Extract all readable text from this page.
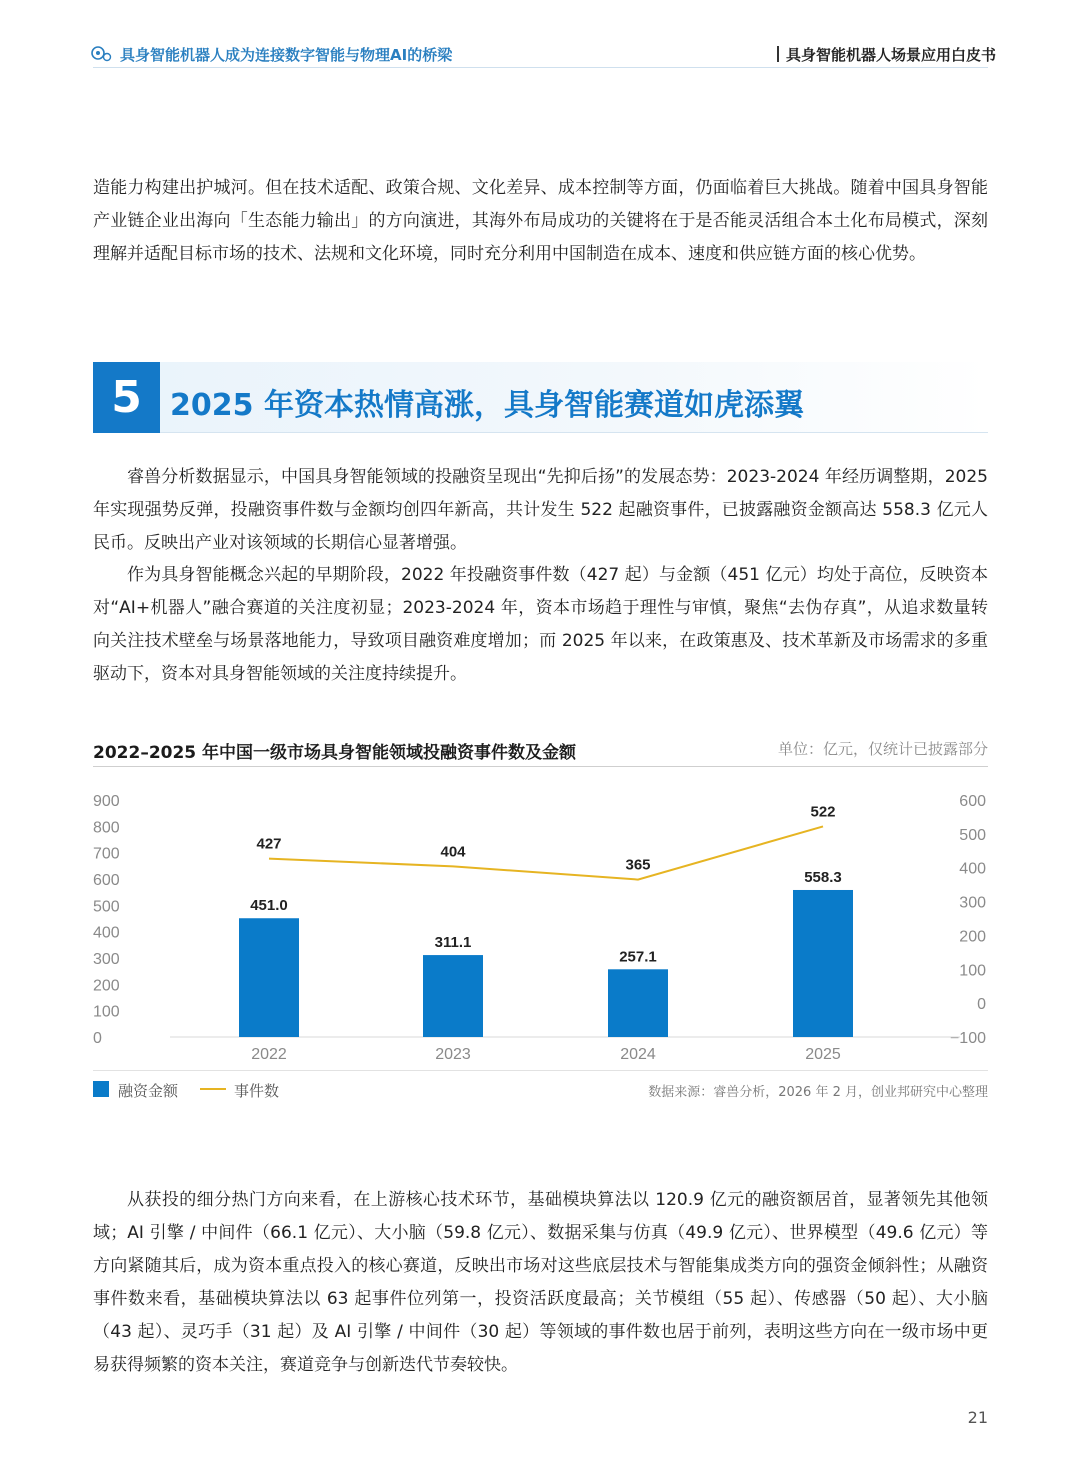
具身智能机器人成为连接数字智能与物理AI的桥梁	具身智能机器人场景应用白皮书
造能力构建出护城河。但在技术适配、政策合规、文化差异、成本控制等方面，仍面临着巨大挑战。随着中国具身智能产业链企业出海向「生态能力输出」的方向演进，其海外布局成功的关键将在于是否能灵活组合本土化布局模式，深刻理解并适配目标市场的技术、法规和文化环境，同时充分利用中国制造在成本、速度和供应链方面的核心优势。
5 2025 年资本热情高涨，具身智能赛道如虎添翼
睿兽分析数据显示，中国具身智能领域的投融资呈现出“先抑后扬”的发展态势：2023-2024 年经历调整期，2025 年实现强势反弹，投融资事件数与金额均创四年新高，共计发生 522 起融资事件，已披露融资金额高达 558.3 亿元人民币。反映出产业对该领域的长期信心显著增强。
作为具身智能概念兴起的早期阶段，2022 年投融资事件数（427 起）与金额（451 亿元）均处于高位，反映资本对“AI+机器人”融合赛道的关注度初显；2023-2024 年，资本市场趋于理性与审慎，聚焦“去伪存真”，从追求数量转向关注技术壁垒与场景落地能力，导致项目融资难度增加；而 2025 年以来，在政策惠及、技术革新及市场需求的多重驱动下，资本对具身智能领域的关注度持续提升。
2022–2025 年中国一级市场具身智能领域投融资事件数及金额	单位：亿元，仅统计已披露部分
900
800
700
600
500
400
300
200
100
0
600
500
400
300
200
100
0
−100
451.0
311.1
257.1
558.3
427	404
365
522
2022	2023	2024	2025
融资金额	事件数	数据来源：睿兽分析，2026 年 2 月，创业邦研究中心整理
从获投的细分热门方向来看，在上游核心技术环节，基础模块算法以 120.9 亿元的融资额居首，显著领先其他领域；AI 引擎 / 中间件（66.1 亿元）、大小脑（59.8 亿元）、数据采集与仿真（49.9 亿元）、世界模型（49.6 亿元）等方向紧随其后，成为资本重点投入的核心赛道，反映出市场对这些底层技术与智能集成类方向的强资金倾斜性；从融资事件数来看，基础模块算法以 63 起事件位列第一，投资活跃度最高；关节模组（55 起）、传感器（50 起）、大小脑（43 起）、灵巧手（31 起）及 AI 引擎 / 中间件（30 起）等领域的事件数也居于前列，表明这些方向在一级市场中更易获得频繁的资本关注，赛道竞争与创新迭代节奏较快。
21
